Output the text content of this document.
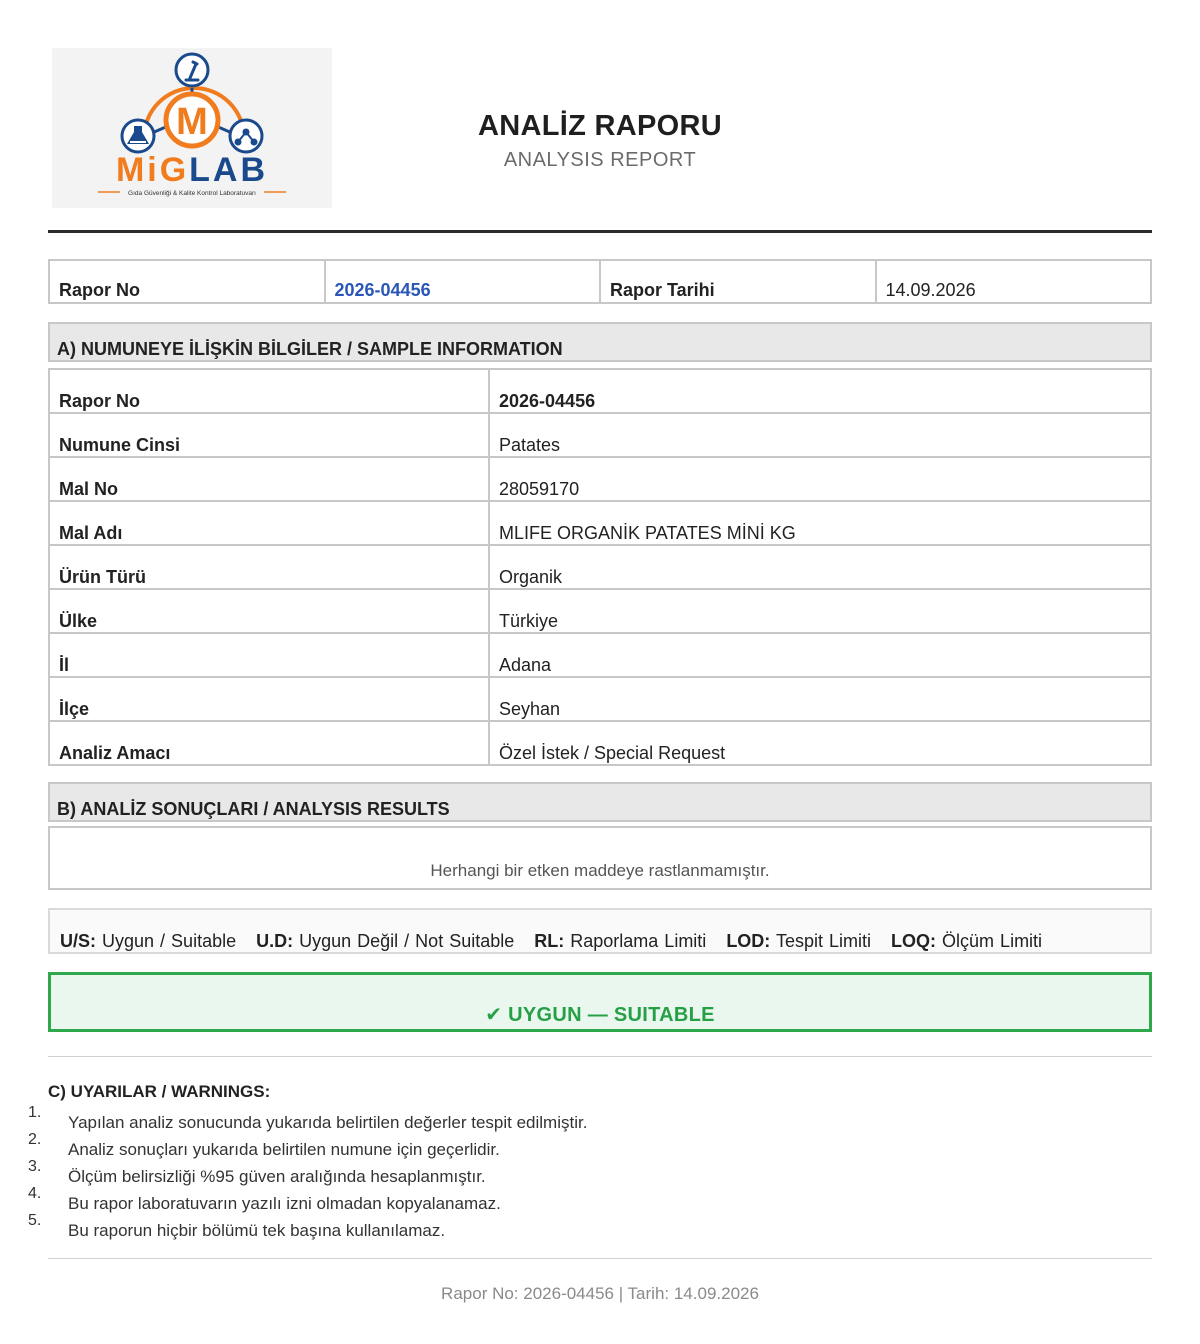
M
MiGLAB
Gıda Güvenliği & Kalite Kontrol Laboratuvarı
ANALİZ RAPORU
ANALYSIS REPORT
Rapor No	2026-04456	Rapor Tarihi	14.09.2026
A) NUMUNEYE İLİŞKİN BİLGİLER / SAMPLE INFORMATION
Rapor No	2026-04456
Numune Cinsi	Patates
Mal No	28059170
Mal Adı	MLIFE ORGANİK PATATES MİNİ KG
Ürün Türü	Organik
Ülke	Türkiye
İl	Adana
İlçe	Seyhan
Analiz Amacı	Özel İstek / Special Request
B) ANALİZ SONUÇLARI / ANALYSIS RESULTS
Herhangi bir etken maddeye rastlanmamıştır.
U/S: Uygun / Suitable U.D: Uygun Değil / Not Suitable RL: Raporlama Limiti LOD: Tespit Limiti LOQ: Ölçüm Limiti
✔ UYGUN — SUITABLE
C) UYARILAR / WARNINGS:
1.
Yapılan analiz sonucunda yukarıda belirtilen değerler tespit edilmiştir.
2.
Analiz sonuçları yukarıda belirtilen numune için geçerlidir.
3.
Ölçüm belirsizliği %95 güven aralığında hesaplanmıştır.
4.
Bu rapor laboratuvarın yazılı izni olmadan kopyalanamaz.
5.
Bu raporun hiçbir bölümü tek başına kullanılamaz.
Rapor No: 2026-04456 | Tarih: 14.09.2026
